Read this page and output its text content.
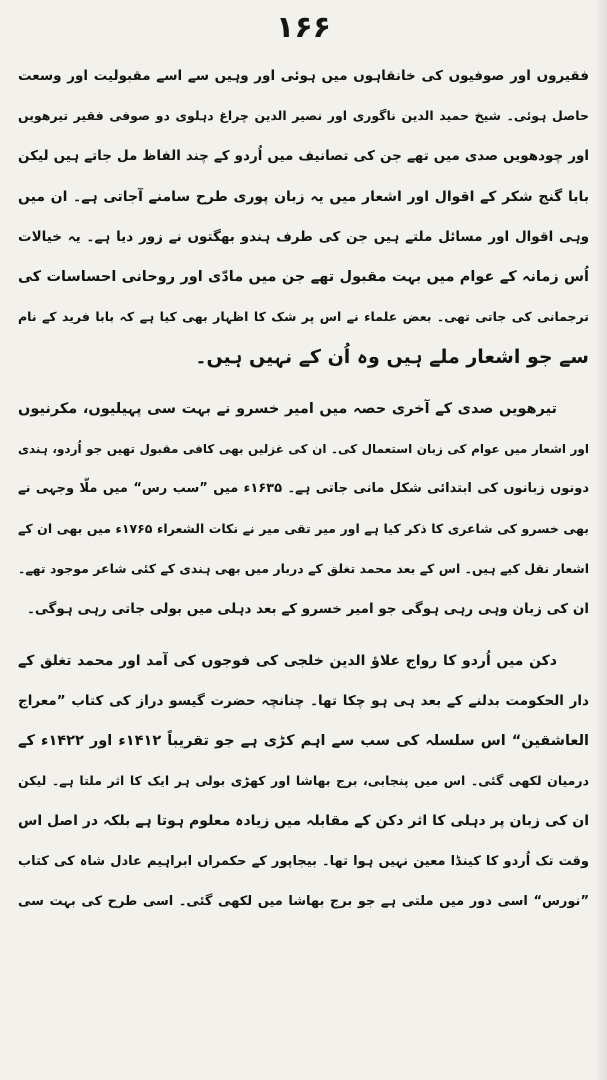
۱۶۶
فقیروں اور صوفیوں کی خانقاہوں میں ہوئی اور وہیں سے اسے مقبولیت اور وسعت
حاصل ہوئی۔ شیخ حمید الدین ناگوری اور نصیر الدین چراغ دہلوی دو صوفی فقیر تیرھویں
اور چودھویں صدی میں تھے جن کی تصانیف میں اُردو کے چند الفاظ مل جاتے ہیں لیکن
بابا گنج شکر کے اقوال اور اشعار میں یہ زبان پوری طرح سامنے آجاتی ہے۔ ان میں
وہی اقوال اور مسائل ملتے ہیں جن کی طرف ہندو بھگتوں نے زور دیا ہے۔ یہ خیالات
اُس زمانہ کے عوام میں بہت مقبول تھے جن میں مادّی اور روحانی احساسات کی
ترجمانی کی جاتی تھی۔ بعض علماء نے اس پر شک کا اظہار بھی کیا ہے کہ بابا فرید کے نام
سے جو اشعار ملے ہیں وہ اُن کے نہیں ہیں۔
تیرھویں صدی کے آخری حصہ میں امیر خسرو نے بہت سی پہیلیوں، مکرنیوں
اور اشعار میں عوام کی زبان استعمال کی۔ ان کی غزلیں بھی کافی مقبول تھیں جو اُردو، ہندی
دونوں زبانوں کی ابتدائی شکل مانی جاتی ہے۔ ۱۶۳۵ء میں ”سب رس“ میں ملّا وجہی نے
بھی خسرو کی شاعری کا ذکر کیا ہے اور میر تقی میر نے نکات الشعراء ۱۷۶۵ء میں بھی ان کے
اشعار نقل کیے ہیں۔ اس کے بعد محمد تغلق کے دربار میں بھی ہندی کے کئی شاعر موجود تھے۔
ان کی زبان وہی رہی ہوگی جو امیر خسرو کے بعد دہلی میں بولی جاتی رہی ہوگی۔
دکن میں اُردو کا رواج علاؤ الدین خلجی کی فوجوں کی آمد اور محمد تغلق کے
دار الحکومت بدلنے کے بعد ہی ہو چکا تھا۔ چنانچہ حضرت گیسو دراز کی کتاب ”معراج
العاشقین“ اس سلسلہ کی سب سے اہم کڑی ہے جو تقریباً ۱۴۱۲ء اور ۱۴۲۲ء کے
درمیان لکھی گئی۔ اس میں پنجابی، برج بھاشا اور کھڑی بولی ہر ایک کا اثر ملتا ہے۔ لیکن
ان کی زبان پر دہلی کا اثر دکن کے مقابلہ میں زیادہ معلوم ہوتا ہے بلکہ در اصل اس
وقت تک اُردو کا کینڈا معین نہیں ہوا تھا۔ بیجاپور کے حکمراں ابراہیم عادل شاہ کی کتاب
”نورس“ اسی دور میں ملتی ہے جو برج بھاشا میں لکھی گئی۔ اسی طرح کی بہت سی
